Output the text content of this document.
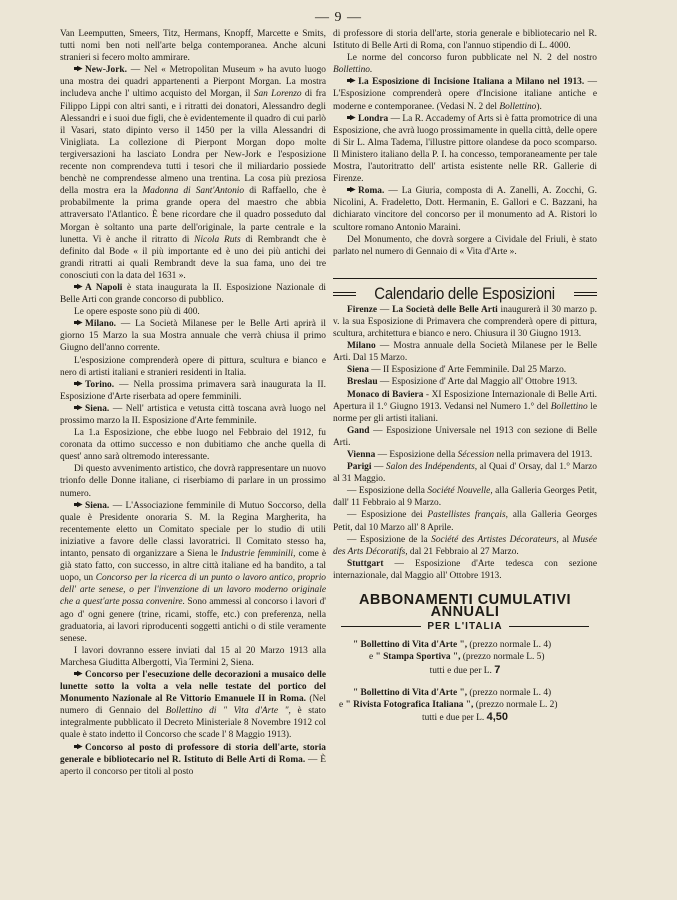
— 9 —

Van Leemputten, Smeers, Titz, Hermans, Knopff, Marcette e Smits, tutti nomi ben noti nell'arte belga contemporanea. Anche alcuni stranieri si fecero molto ammirare.

New-Jork. — Nel « Metropolitan Museum » ha avuto luogo una mostra dei quadri appartenenti a Pierpont Morgan. La mostra includeva anche l' ultimo acquisto del Morgan, il San Lorenzo di fra Filippo Lippi con altri santi, e i ritratti dei donatori, Alessandro degli Alessandri e i suoi due figli, che è evidentemente il quadro di cui parlò il Vasari, stato dipinto verso il 1450 per la villa Alessandri di Vinigliata. La collezione di Pierpont Morgan dopo molte tergiversazioni ha lasciato Londra per New-Jork e l'esposizione recente non comprendeva tutti i tesori che il miliardario possiede benchè ne comprendesse almeno una trentina. La cosa più preziosa della mostra era la Madonna di Sant'Antonio di Raffaello, che è probabilmente la prima grande opera del maestro che abbia attraversato l'Atlantico. È bene ricordare che il quadro posseduto dal Morgan è soltanto una parte dell'originale, la parte centrale e la lunetta. Vi è anche il ritratto di Nicola Ruts di Rembrandt che è definito dal Bode « il più importante ed è uno dei più antichi dei grandi ritratti ai quali Rembrandt deve la sua fama, uno dei tre conosciuti con la data del 1631 ».

A Napoli è stata inaugurata la II. Esposizione Nazionale di Belle Arti con grande concorso di pubblico.

Le opere esposte sono più di 400.

Milano. — La Società Milanese per le Belle Arti aprirà il giorno 15 Marzo la sua Mostra annuale che verrà chiusa il primo Giugno dell'anno corrente.

L'esposizione comprenderà opere di pittura, scultura e bianco e nero di artisti italiani e stranieri residenti in Italia.

Torino. — Nella prossima primavera sarà inaugurata la II. Esposizione d'Arte riserbata ad opere femminili.

Siena. — Nell' artistica e vetusta città toscana avrà luogo nel prossimo marzo la II. Esposizione d'Arte femminile.

La 1.a Esposizione, che ebbe luogo nel Febbraio del 1912, fu coronata da ottimo successo e non dubitiamo che anche quella di quest' anno sarà oltremodo interessante.

Di questo avvenimento artistico, che dovrà rappresentare un nuovo trionfo delle Donne italiane, ci riserbiamo di parlare in un prossimo numero.

Siena. — L'Associazione femminile di Mutuo Soccorso, della quale è Presidente onoraria S. M. la Regina Margherita, ha recentemente eletto un Comitato speciale per lo studio di utili iniziative a favore delle classi lavoratrici. Il Comitato stesso ha, intanto, pensato di organizzare a Siena le Industrie femminili, come è già stato fatto, con successo, in altre città italiane ed ha bandito, a tal uopo, un Concorso per la ricerca di un punto o lavoro antico, proprio dell' arte senese, o per l'invenzione di un lavoro moderno originale che a quest'arte possa convenire. Sono ammessi al concorso i lavori d' ago d' ogni genere (trine, ricami, stoffe, etc.) con preferenza, nella graduatoria, ai lavori riproducenti soggetti antichi o di stile veramente senese.

I lavori dovranno essere inviati dal 15 al 20 Marzo 1913 alla Marchesa Giuditta Albergotti, Via Termini 2, Siena.

Concorso per l'esecuzione delle decorazioni a musaico delle lunette sotto la volta a vela nelle testate del portico del Monumento Nazionale al Re Vittorio Emanuele II in Roma. (Nel numero di Gennaio del Bollettino di " Vita d'Arte ", è stato integralmente pubblicato il Decreto Ministeriale 8 Novembre 1912 col quale è stato indetto il Concorso che scade l' 8 Maggio 1913).

Concorso al posto di professore di storia dell'arte, storia generale e bibliotecario nel R. Istituto di Belle Arti di Roma. — È aperto il concorso per titoli al posto

di professore di storia dell'arte, storia generale e bibliotecario nel R. Istituto di Belle Arti di Roma, con l'annuo stipendio di L. 4000.

Le norme del concorso furon pubblicate nel N. 2 del nostro Bollettino.

I.a Esposizione di Incisione Italiana a Milano nel 1913. — L'Esposizione comprenderà opere d'Incisione italiane antiche e moderne e contemporanee. (Vedasi N. 2 del Bollettino).

Londra — La R. Accademy of Arts si è fatta promotrice di una Esposizione, che avrà luogo prossimamente in quella città, delle opere di Sir L. Alma Tadema, l'illustre pittore olandese da poco scomparso. Il Ministero italiano della P. I. ha concesso, temporaneamente per tale Mostra, l'autoritratto dell' artista esistente nelle RR. Gallerie di Firenze.

Roma. — La Giuria, composta di A. Zanelli, A. Zocchi, G. Nicolini, A. Fradeletto, Dott. Hermanin, E. Gallori e C. Bazzani, ha dichiarato vincitore del concorso per il monumento ad A. Ristori lo scultore romano Antonio Maraini.

Del Monumento, che dovrà sorgere a Cividale del Friuli, è stato parlato nel numero di Gennaio di « Vita d'Arte ».

Calendario delle Esposizioni

Firenze — La Società delle Belle Arti inaugurerà il 30 marzo p. v. la sua Esposizione di Primavera che comprenderà opere di pittura, scultura, architettura e bianco e nero. Chiusura il 30 Giugno 1913.

Milano — Mostra annuale della Società Milanese per le Belle Arti. Dal 15 Marzo.

Siena — II Esposizione d' Arte Femminile. Dal 25 Marzo.

Breslau — Esposizione d' Arte dal Maggio all' Ottobre 1913.

Monaco di Baviera - XI Esposizione Internazionale di Belle Arti. Apertura il 1.° Giugno 1913. Vedansi nel Numero 1.° del Bollettino le norme per gli artisti italiani.

Gand — Esposizione Universale nel 1913 con sezione di Belle Arti.

Vienna — Esposizione della Sécession nella primavera del 1913.

Parigi — Salon des Indépendents, al Quai d' Orsay, dal 1.° Marzo al 31 Maggio.

— Esposizione della Société Nouvelle, alla Galleria Georges Petit, dall' 11 Febbraio al 9 Marzo.

— Esposizione dei Pastellistes français, alla Galleria Georges Petit, dal 10 Marzo all' 8 Aprile.

— Esposizione de la Société des Artistes Décorateurs, al Musée des Arts Décoratifs, dal 21 Febbraio al 27 Marzo.

Stuttgart — Esposizione d'Arte tedesca con sezione internazionale, dal Maggio all' Ottobre 1913.

ABBONAMENTI CUMULATIVI ANNUALI
PER L'ITALIA
" Bollettino di Vita d'Arte ", (prezzo normale L. 4)
e " Stampa Sportiva ", (prezzo normale L. 5)
tutti e due per L. 7
" Bollettino di Vita d'Arte ", (prezzo normale L. 4)
e " Rivista Fotografica Italiana ", (prezzo normale L. 2)
tutti e due per L. 4,50
